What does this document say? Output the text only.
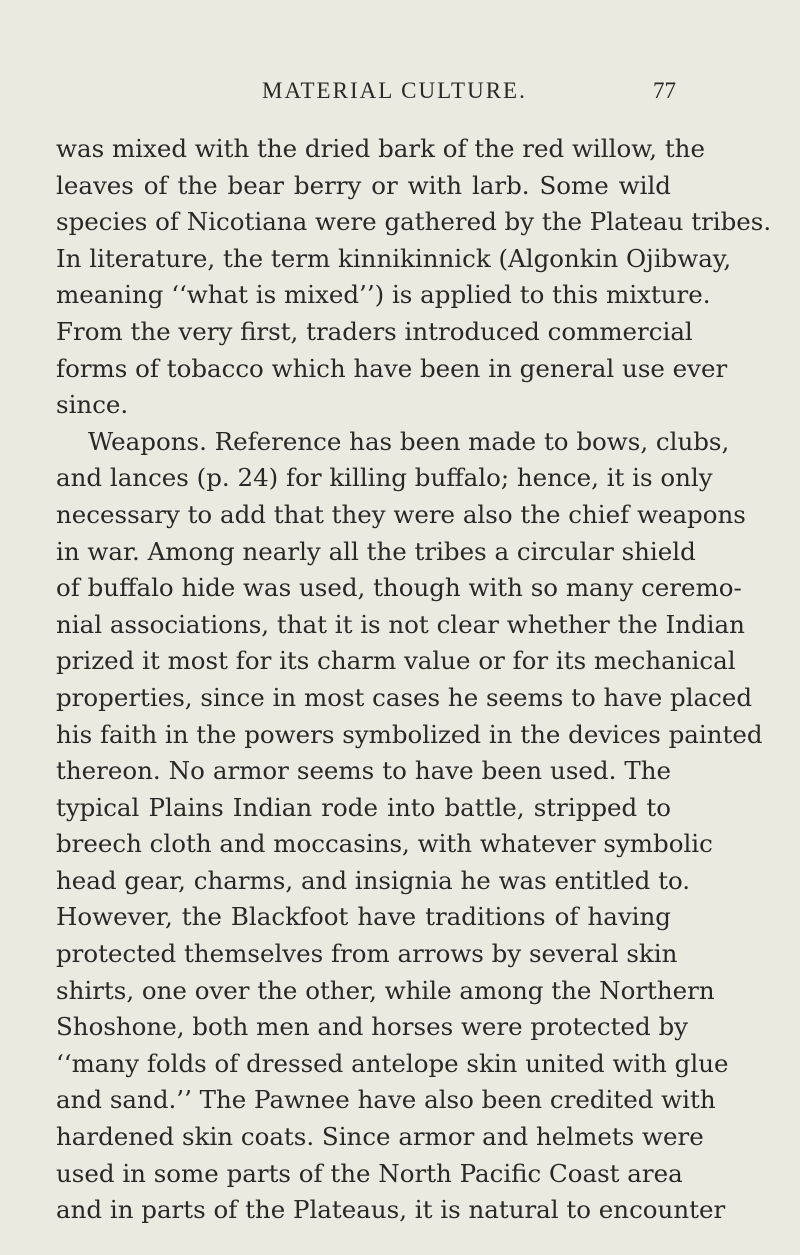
MATERIAL CULTURE.	77
was mixed with the dried bark of the red willow, the
leaves of the bear berry or with larb. Some wild
species of Nicotiana were gathered by the Plateau tribes.
In literature, the term kinnikinnick (Algonkin Ojibway,
meaning ‘‘what is mixed’’) is applied to this mixture.
From the very first, traders introduced commercial
forms of tobacco which have been in general use ever
since.
Weapons. Reference has been made to bows, clubs,
and lances (p. 24) for killing buffalo; hence, it is only
necessary to add that they were also the chief weapons
in war. Among nearly all the tribes a circular shield
of buffalo hide was used, though with so many ceremo-
nial associations, that it is not clear whether the Indian
prized it most for its charm value or for its mechanical
properties, since in most cases he seems to have placed
his faith in the powers symbolized in the devices painted
thereon. No armor seems to have been used. The
typical Plains Indian rode into battle, stripped to
breech cloth and moccasins, with whatever symbolic
head gear, charms, and insignia he was entitled to.
However, the Blackfoot have traditions of having
protected themselves from arrows by several skin
shirts, one over the other, while among the Northern
Shoshone, both men and horses were protected by
‘‘many folds of dressed antelope skin united with glue
and sand.’’ The Pawnee have also been credited with
hardened skin coats. Since armor and helmets were
used in some parts of the North Pacific Coast area
and in parts of the Plateaus, it is natural to encounter
